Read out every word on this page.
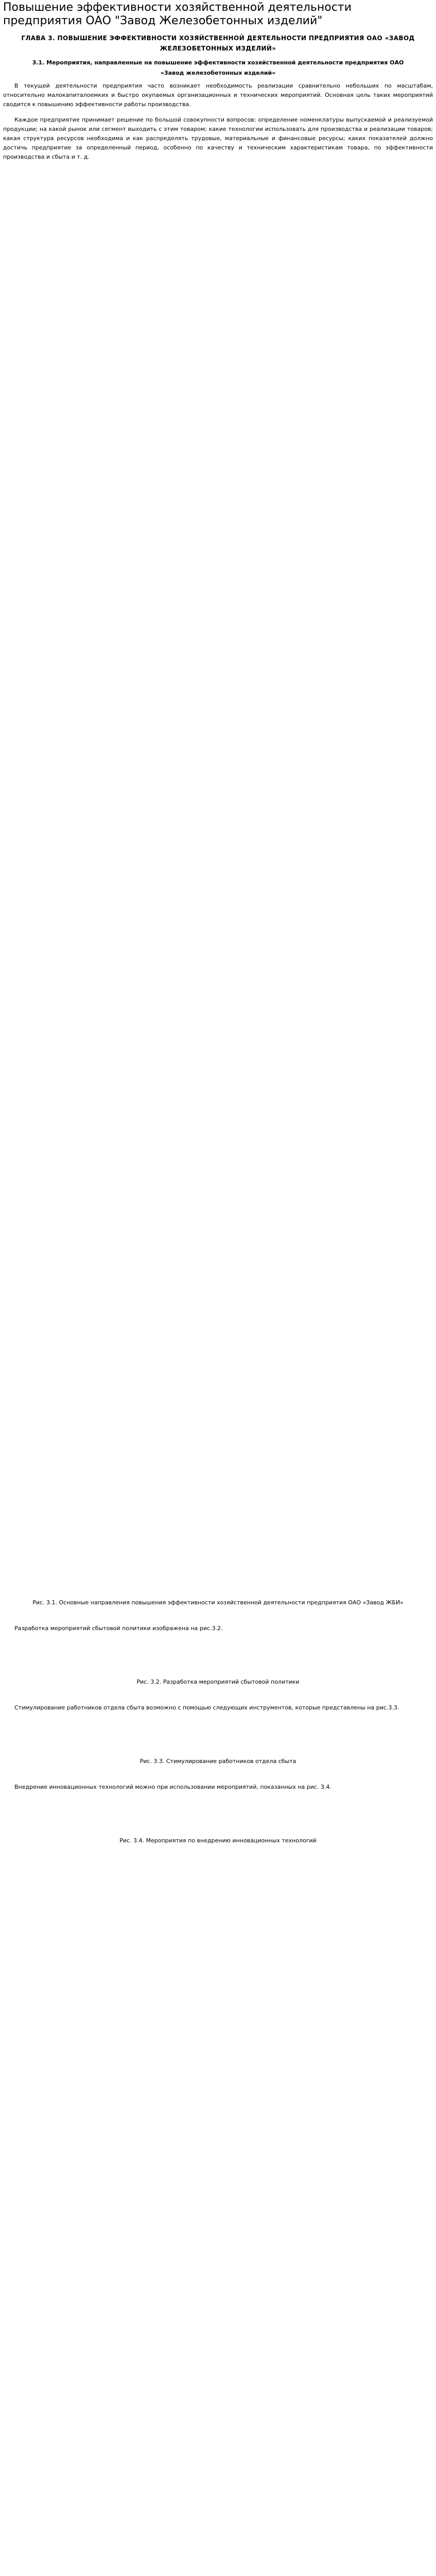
Повышение эффективности хозяйственной деятельности предприятия ОАО "Завод Железобетонных изделий"
ГЛАВА 3. ПОВЫШЕНИЕ ЭФФЕКТИВНОСТИ ХОЗЯЙСТВЕННОЙ ДЕЯТЕЛЬНОСТИ ПРЕДПРИЯТИЯ ОАО «ЗАВОД ЖЕЛЕЗОБЕТОННЫХ ИЗДЕЛИЙ»
3.1. Мероприятия, направленные на повышение эффективности хозяйственной деятельности предприятия ОАО «Завод железобетонных изделий»

В текущей деятельности предприятия часто возникает необходимость реализации сравнительно небольших по масштабам, относительно малокапиталоемких и быстро окупаемых организационных и технических мероприятий. Основная цель таких мероприятий сводится к повышению эффективности работы производства.

Каждое предприятие принимает решение по большой совокупности вопросов: определение номенклатуры выпускаемой и реализуемой продукции; на какой рынок или сегмент выходить с этим товаром; какие технологии использовать для производства и реализации товаров; какая структура ресурсов необходима и как распределять трудовые, материальные и финансовые ресурсы; каких показателей должно достичь предприятие за определенный период, особенно по качеству и техническим характеристикам товара, по эффективности производства и сбыта и т. д.

Рис. 3.1. Основные направления повышения эффективности хозяйственной деятельности предприятия ОАО «Завод ЖБИ»

Разработка мероприятий сбытовой политики изображена на рис.3.2.

Рис. 3.2. Разработка мероприятий сбытовой политики

Стимулирование работников отдела сбыта возможно с помощью следующих инструментов, которые представлены на рис.3.3.

Рис. 3.3. Стимулирование работников отдела сбыта

Внедрение инновационных технологий можно при использовании мероприятий, показанных на рис. 3.4.

Рис. 3.4. Мероприятия по внедрению инновационных технологий
